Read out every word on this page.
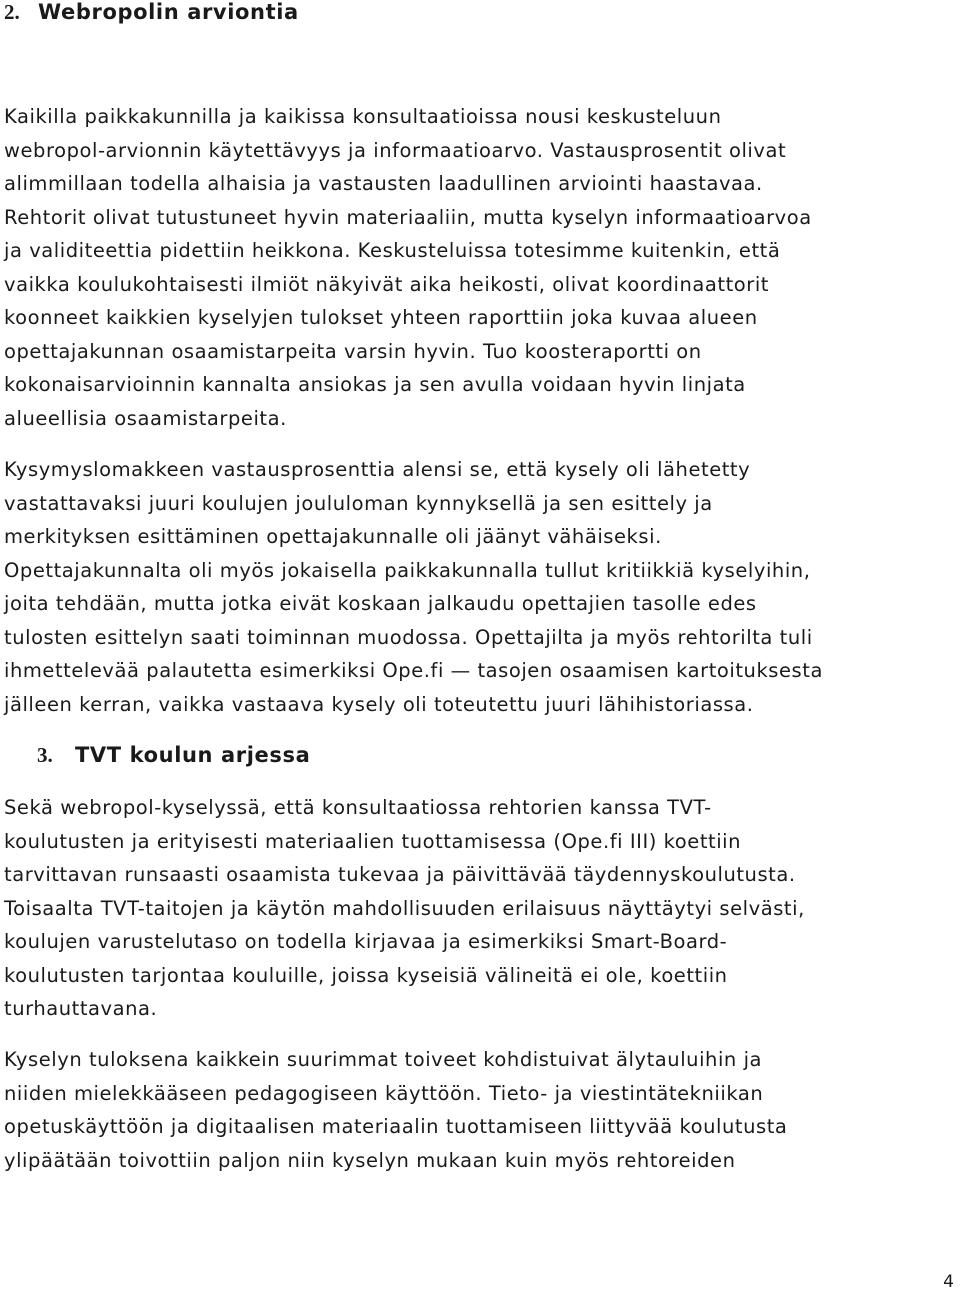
2. Webropolin arviontia
Kaikilla paikkakunnilla ja kaikissa konsultaatioissa nousi keskusteluun
webropol-arvionnin käytettävyys ja informaatioarvo. Vastausprosentit olivat
alimmillaan todella alhaisia ja vastausten laadullinen arviointi haastavaa.
Rehtorit olivat tutustuneet hyvin materiaaliin, mutta kyselyn informaatioarvoa
ja validiteettia pidettiin heikkona. Keskusteluissa totesimme kuitenkin, että
vaikka koulukohtaisesti ilmiöt näkyivät aika heikosti, olivat koordinaattorit
koonneet kaikkien kyselyjen tulokset yhteen raporttiin joka kuvaa alueen
opettajakunnan osaamistarpeita varsin hyvin. Tuo koosteraportti on
kokonaisarvioinnin kannalta ansiokas ja sen avulla voidaan hyvin linjata
alueellisia osaamistarpeita.
Kysymyslomakkeen vastausprosenttia alensi se, että kysely oli lähetetty
vastattavaksi juuri koulujen joululoman kynnyksellä ja sen esittely ja
merkityksen esittäminen opettajakunnalle oli jäänyt vähäiseksi.
Opettajakunnalta oli myös jokaisella paikkakunnalla tullut kritiikkiä kyselyihin,
joita tehdään, mutta jotka eivät koskaan jalkaudu opettajien tasolle edes
tulosten esittelyn saati toiminnan muodossa. Opettajilta ja myös rehtorilta tuli
ihmettelevää palautetta esimerkiksi Ope.fi — tasojen osaamisen kartoituksesta
jälleen kerran, vaikka vastaava kysely oli toteutettu juuri lähihistoriassa.
3. TVT koulun arjessa
Sekä webropol-kyselyssä, että konsultaatiossa rehtorien kanssa TVT-
koulutusten ja erityisesti materiaalien tuottamisessa (Ope.fi III) koettiin
tarvittavan runsaasti osaamista tukevaa ja päivittävää täydennyskoulutusta.
Toisaalta TVT-taitojen ja käytön mahdollisuuden erilaisuus näyttäytyi selvästi,
koulujen varustelutaso on todella kirjavaa ja esimerkiksi Smart-Board-
koulutusten tarjontaa kouluille, joissa kyseisiä välineitä ei ole, koettiin
turhauttavana.
Kyselyn tuloksena kaikkein suurimmat toiveet kohdistuivat älytauluihin ja
niiden mielekkääseen pedagogiseen käyttöön. Tieto- ja viestintätekniikan
opetuskäyttöön ja digitaalisen materiaalin tuottamiseen liittyvää koulutusta
ylipäätään toivottiin paljon niin kyselyn mukaan kuin myös rehtoreiden
4
